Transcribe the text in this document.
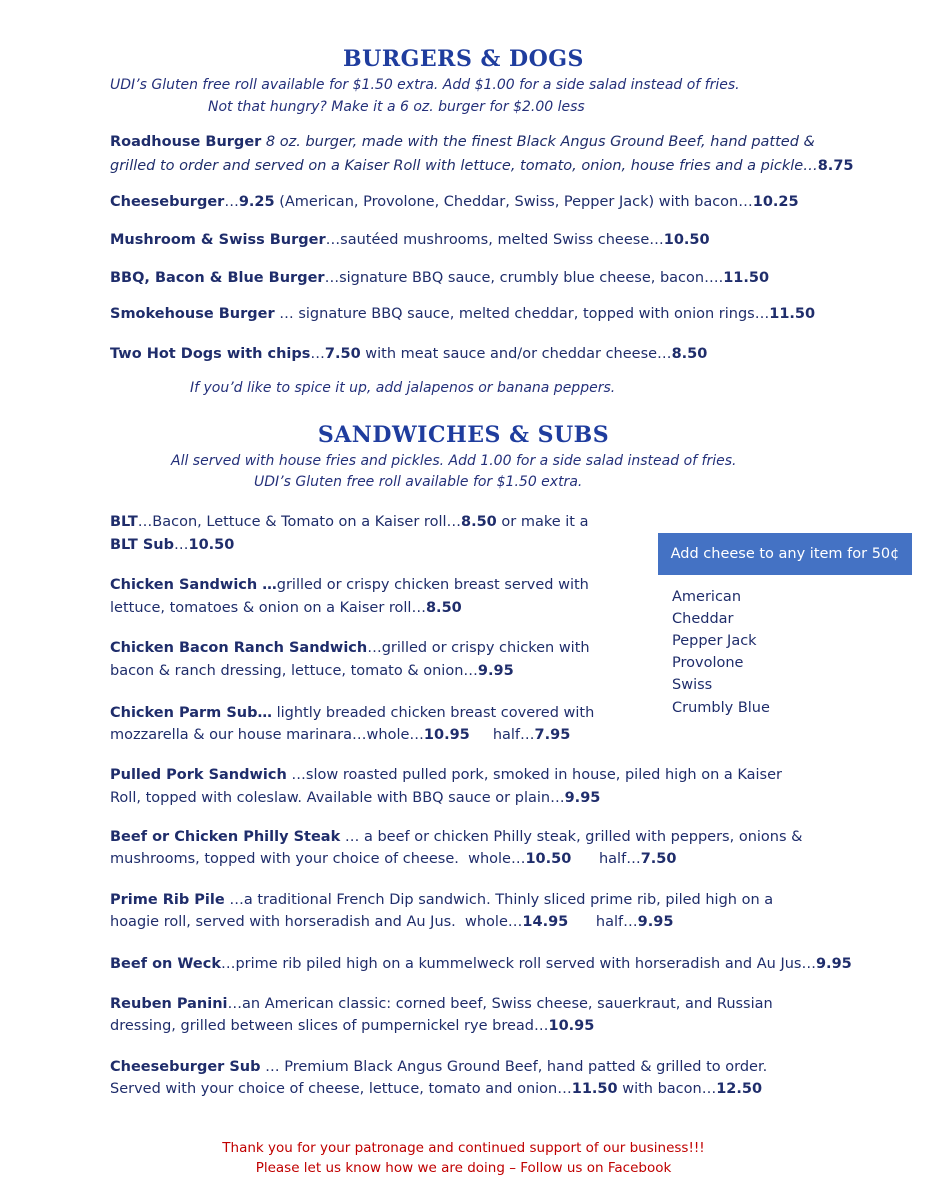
BURGERS & DOGS
UDI’s Gluten free roll available for $1.50 extra. Add $1.00 for a side salad instead of fries.
Not that hungry? Make it a 6 oz. burger for $2.00 less
Roadhouse Burger 8 oz. burger, made with the finest Black Angus Ground Beef, hand patted &
grilled to order and served on a Kaiser Roll with lettuce, tomato, onion, house fries and a pickle…8.75
Cheeseburger…9.25 (American, Provolone, Cheddar, Swiss, Pepper Jack) with bacon…10.25
Mushroom & Swiss Burger…sautéed mushrooms, melted Swiss cheese…10.50
BBQ, Bacon & Blue Burger…signature BBQ sauce, crumbly blue cheese, bacon….11.50
Smokehouse Burger … signature BBQ sauce, melted cheddar, topped with onion rings…11.50
Two Hot Dogs with chips…7.50 with meat sauce and/or cheddar cheese…8.50
If you’d like to spice it up, add jalapenos or banana peppers.
SANDWICHES & SUBS
All served with house fries and pickles. Add 1.00 for a side salad instead of fries.
UDI’s Gluten free roll available for $1.50 extra.
BLT…Bacon, Lettuce & Tomato on a Kaiser roll…8.50 or make it a
BLT Sub…10.50
Chicken Sandwich …grilled or crispy chicken breast served with
lettuce, tomatoes & onion on a Kaiser roll…8.50
Chicken Bacon Ranch Sandwich…grilled or crispy chicken with
bacon & ranch dressing, lettuce, tomato & onion…9.95
Chicken Parm Sub… lightly breaded chicken breast covered with
mozzarella & our house marinara…whole…10.95     half…7.95
Pulled Pork Sandwich …slow roasted pulled pork, smoked in house, piled high on a Kaiser
Roll, topped with coleslaw. Available with BBQ sauce or plain…9.95
Beef or Chicken Philly Steak … a beef or chicken Philly steak, grilled with peppers, onions &
mushrooms, topped with your choice of cheese.  whole…10.50      half…7.50
Prime Rib Pile …a traditional French Dip sandwich. Thinly sliced prime rib, piled high on a
hoagie roll, served with horseradish and Au Jus.  whole…14.95      half…9.95
Beef on Weck…prime rib piled high on a kummelweck roll served with horseradish and Au Jus…9.95
Reuben Panini…an American classic: corned beef, Swiss cheese, sauerkraut, and Russian
dressing, grilled between slices of pumpernickel rye bread…10.95
Cheeseburger Sub … Premium Black Angus Ground Beef, hand patted & grilled to order.
Served with your choice of cheese, lettuce, tomato and onion…11.50 with bacon…12.50
Add cheese to any item for 50¢
American
Cheddar
Pepper Jack
Provolone
Swiss
Crumbly Blue
Thank you for your patronage and continued support of our business!!!
Please let us know how we are doing – Follow us on Facebook
